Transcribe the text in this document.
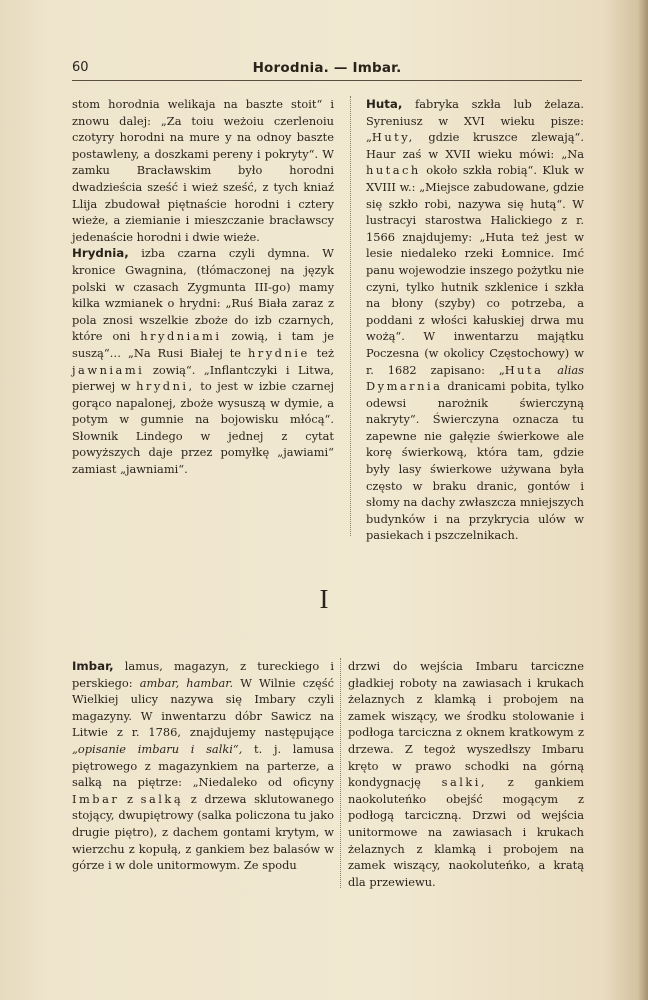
60	Horodnia. — Imbar.

stom horodnia welikaja na baszte stoit“ i znowu dalej: „Za toiu weżoiu czerlenoiu czotyry horodni na mure y na odnoy baszte postawleny, a doszkami pereny i pokryty“. W zamku Bracławskim było horodni dwadzieścia sześć i wież sześć, z tych kniaź Llija zbudował piętnaście horodni i cztery wieże, a ziemianie i mieszczanie bracławscy jedenaście horodni i dwie wieże.

Hrydnia, izba czarna czyli dymna. W kronice Gwagnina, (tłómaczonej na język polski w czasach Zygmunta III-go) mamy kilka wzmianek o hrydni: „Ruś Biała zaraz z pola znosi wszelkie zboże do izb czarnych, które oni hrydniami zowią, i tam je suszą“… „Na Rusi Białej te hrydnie też jawniami zowią“. „Inflantczyki i Litwa, pierwej w hrydni, to jest w izbie czarnej gorąco napalonej, zboże wysuszą w dymie, a potym w gumnie na bojowisku młócą“. Słownik Lindego w jednej z cytat powyższych daje przez pomyłkę „jawiami“ zamiast „jawniami“.

Huta, fabryka szkła lub żelaza. Syreniusz w XVI wieku pisze: „Huty, gdzie kruszce zlewają“. Haur zaś w XVII wieku mówi: „Na hutach około szkła robią“. Kluk w XVIII w.: „Miejsce zabudowane, gdzie się szkło robi, nazywa się hutą“. W lustracyi starostwa Halickiego z r. 1566 znajdujemy: „Huta też jest w lesie niedaleko rzeki Łomnice. Imć panu wojewodzie inszego pożytku nie czyni, tylko hutnik szklenice i szkła na błony (szyby) co potrzeba, a poddani z włości kałuskiej drwa mu wożą“. W inwentarzu majątku Poczesna (w okolicy Częstochowy) w r. 1682 zapisano: „Huta alias Dymarnia dranicami pobita, tylko odewsi narożnik świerczyną nakryty“. Świerczyna oznacza tu zapewne nie gałęzie świerkowe ale korę świerkową, która tam, gdzie były lasy świerkowe używana była często w braku dranic, gontów i słomy na dachy zwłaszcza mniejszych budynków i na przykrycia ulów w pasiekach i pszczelnikach.

I

Imbar, lamus, magazyn, z tureckiego i perskiego: ambar, hambar. W Wilnie część Wielkiej ulicy nazywa się Imbary czyli magazyny. W inwentarzu dóbr Sawicz na Litwie z r. 1786, znajdujemy następujące „opisanie imbaru i salki“, t. j. lamusa piętrowego z magazynkiem na parterze, a salką na piętrze: „Niedaleko od oficyny Imbar z salką z drzewa sklutowanego stojący, dwupiętrowy (salka policzona tu jako drugie piętro), z dachem gontami krytym, w wierzchu z kopułą, z gankiem bez balasów w górze i w dole unitormowym. Ze spodu

drzwi do wejścia Imbaru tarciczne gładkiej roboty na zawiasach i krukach żelaznych z klamką i probojem na zamek wiszący, we środku stolowanie i podłoga tarciczna z oknem kratkowym z drzewa. Z tegoż wyszedłszy Imbaru krętо w prawo schodki na górną kondygnację salki, z gankiem naokoluteńko obejść mogącym z podłogą tarciczną. Drzwi od wejścia unitormowe na zawiasach i krukach żelaznych z klamką i probojem na zamek wiszący, naokoluteńko, a kratą dla przewiewu.
